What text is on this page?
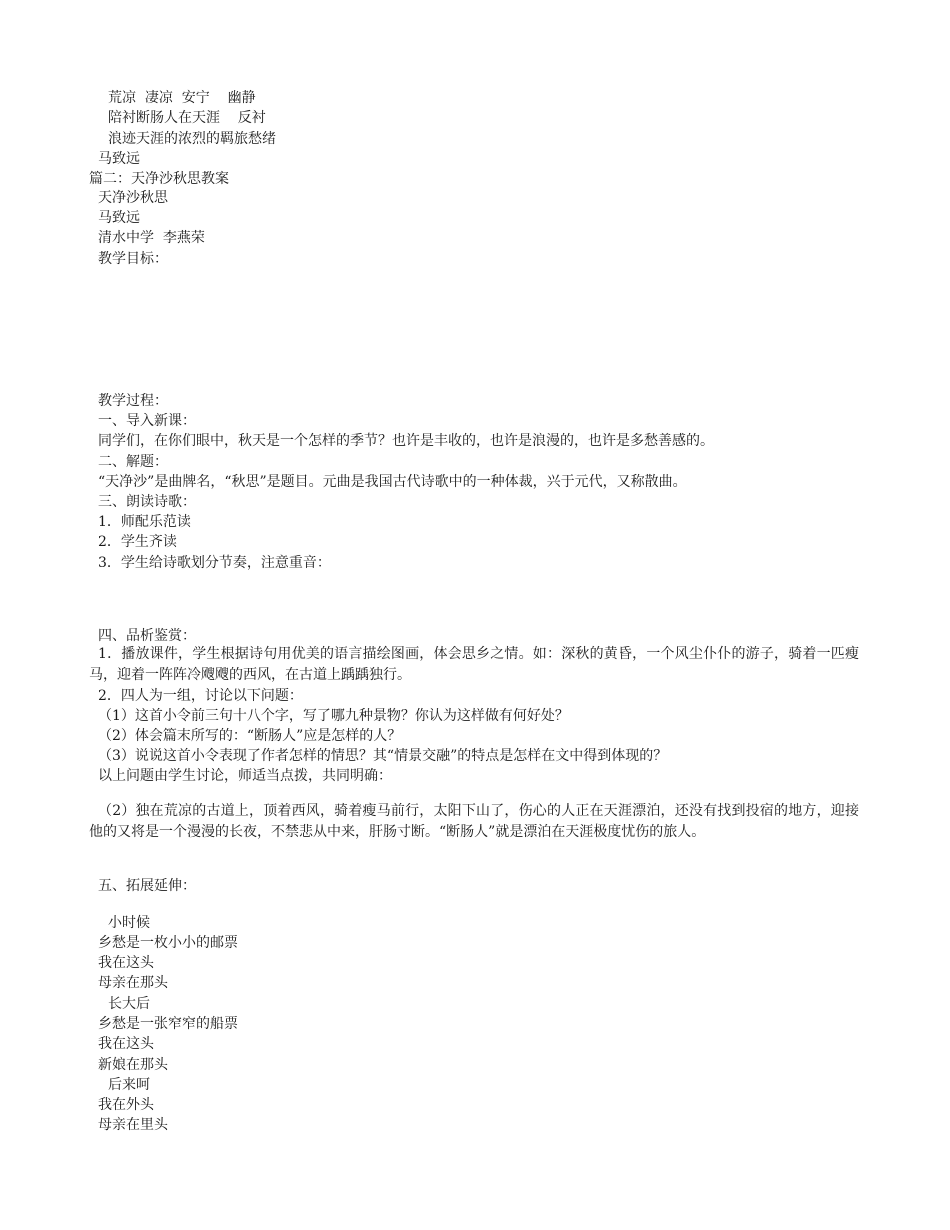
荒凉  凄凉  安宁    幽静
陪衬断肠人在天涯    反衬
浪迹天涯的浓烈的羁旅愁绪
马致远
篇二：天净沙秋思教案
天净沙秋思
马致远
清水中学  李燕荣
教学目标：
教学过程：
一、导入新课：
同学们，在你们眼中，秋天是一个怎样的季节？也许是丰收的，也许是浪漫的，也许是多愁善感的。
二、解题：
“天净沙”是曲牌名，“秋思”是题目。元曲是我国古代诗歌中的一种体裁，兴于元代，又称散曲。
三、朗读诗歌：
1．师配乐范读
2．学生齐读
3．学生给诗歌划分节奏，注意重音：
四、品析鉴赏：
1．播放课件，学生根据诗句用优美的语言描绘图画，体会思乡之情。如：深秋的黄昏，一个风尘仆仆的游子，骑着一匹瘦马，迎着一阵阵冷飕飕的西风，在古道上踽踽独行。
2．四人为一组，讨论以下问题：
（1）这首小令前三句十八个字，写了哪九种景物？你认为这样做有何好处？
（2）体会篇末所写的：“断肠人”应是怎样的人？
（3）说说这首小令表现了作者怎样的情思？其“情景交融”的特点是怎样在文中得到体现的？
以上问题由学生讨论，师适当点拨，共同明确：
（2）独在荒凉的古道上，顶着西风，骑着瘦马前行，太阳下山了，伤心的人正在天涯漂泊，还没有找到投宿的地方，迎接他的又将是一个漫漫的长夜，不禁悲从中来，肝肠寸断。“断肠人”就是漂泊在天涯极度忧伤的旅人。
五、拓展延伸：
小时候
乡愁是一枚小小的邮票
我在这头
母亲在那头
长大后
乡愁是一张窄窄的船票
我在这头
新娘在那头
后来呵
我在外头
母亲在里头
